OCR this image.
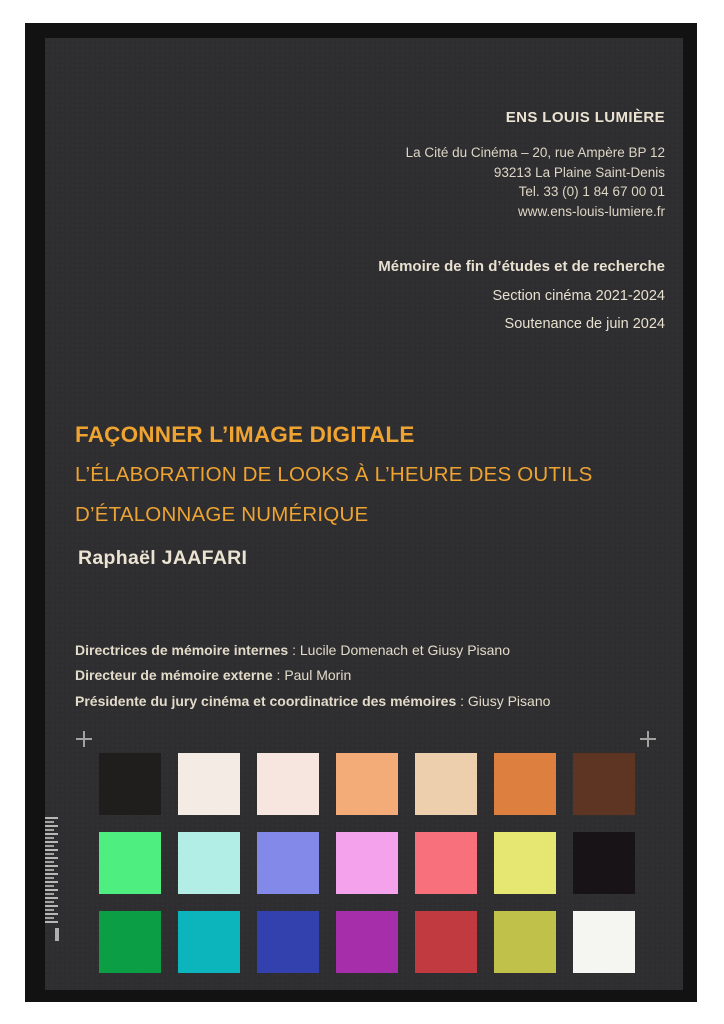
ENS LOUIS LUMIÈRE
La Cité du Cinéma – 20, rue Ampère BP 12
93213 La Plaine Saint-Denis
Tel. 33 (0) 1 84 67 00 01
www.ens-louis-lumiere.fr
Mémoire de fin d’études et de recherche
Section cinéma 2021-2024
Soutenance de juin 2024
FAÇONNER L’IMAGE DIGITALE
L’ÉLABORATION DE LOOKS À L’HEURE DES OUTILS
D’ÉTALONNAGE NUMÉRIQUE
Raphaël JAAFARI
Directrices de mémoire internes : Lucile Domenach et Giusy Pisano
Directeur de mémoire externe : Paul Morin
Présidente du jury cinéma et coordinatrice des mémoires : Giusy Pisano
